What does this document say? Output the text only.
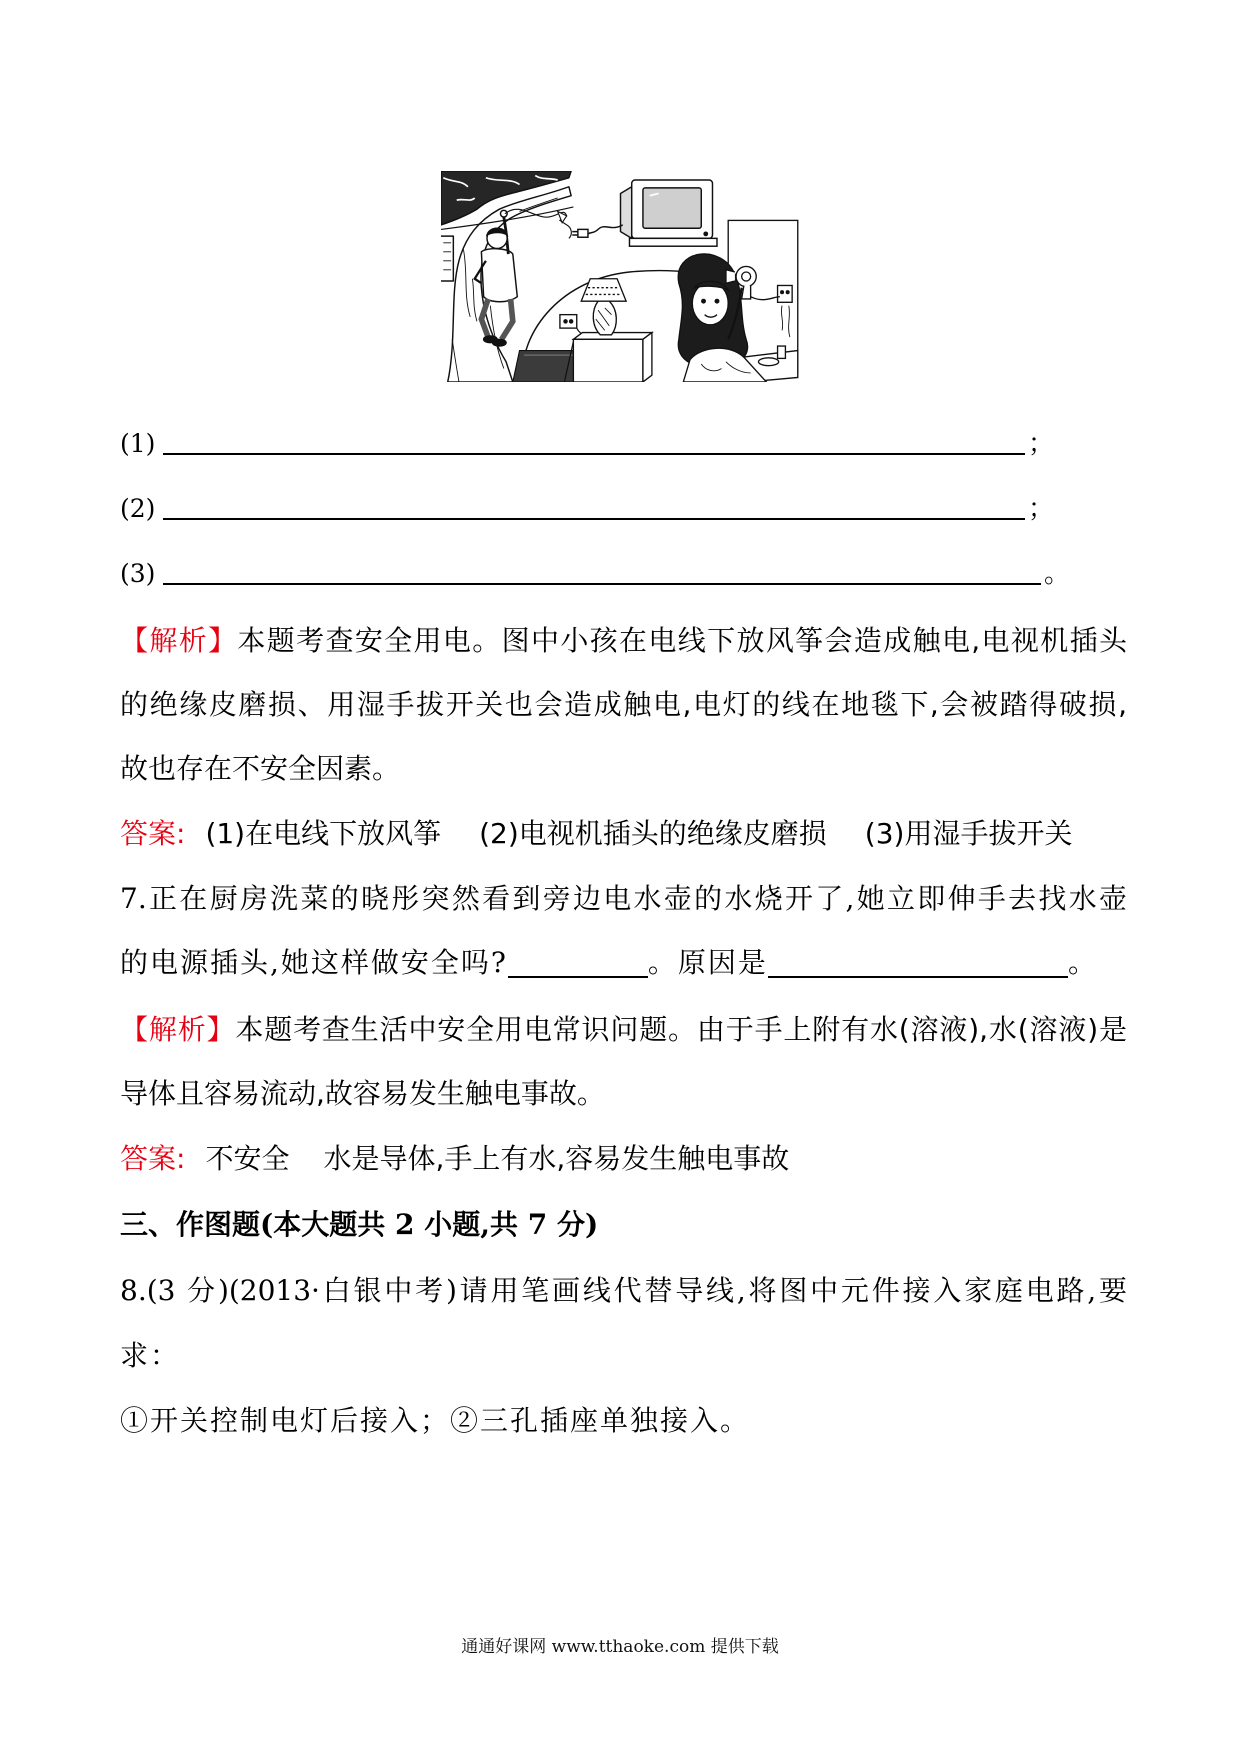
(1)	；
(2)	；
(3)	。
【解析】本题考查安全用电。图中小孩在电线下放风筝会造成触电,电视机插头
的绝缘皮磨损、用湿手拔开关也会造成触电,电灯的线在地毯下,会被踏得破损,
故也存在不安全因素。
答案: (1)在电线下放风筝 (2)电视机插头的绝缘皮磨损 (3)用湿手拔开关
7.正在厨房洗菜的晓彤突然看到旁边电水壶的水烧开了,她立即伸手去找水壶
的电源插头,她这样做安全吗?	。原因是	。
【解析】本题考查生活中安全用电常识问题。由于手上附有水(溶液),水(溶液)是
导体且容易流动,故容易发生触电事故。
答案: 不安全 水是导体,手上有水,容易发生触电事故
三、作图题(本大题共 2 小题,共 7 分)
8.(3 分)(2013·白银中考)请用笔画线代替导线,将图中元件接入家庭电路,要
求：
①开关控制电灯后接入；②三孔插座单独接入。
通通好课网 www.tthaoke.com 提供下载
